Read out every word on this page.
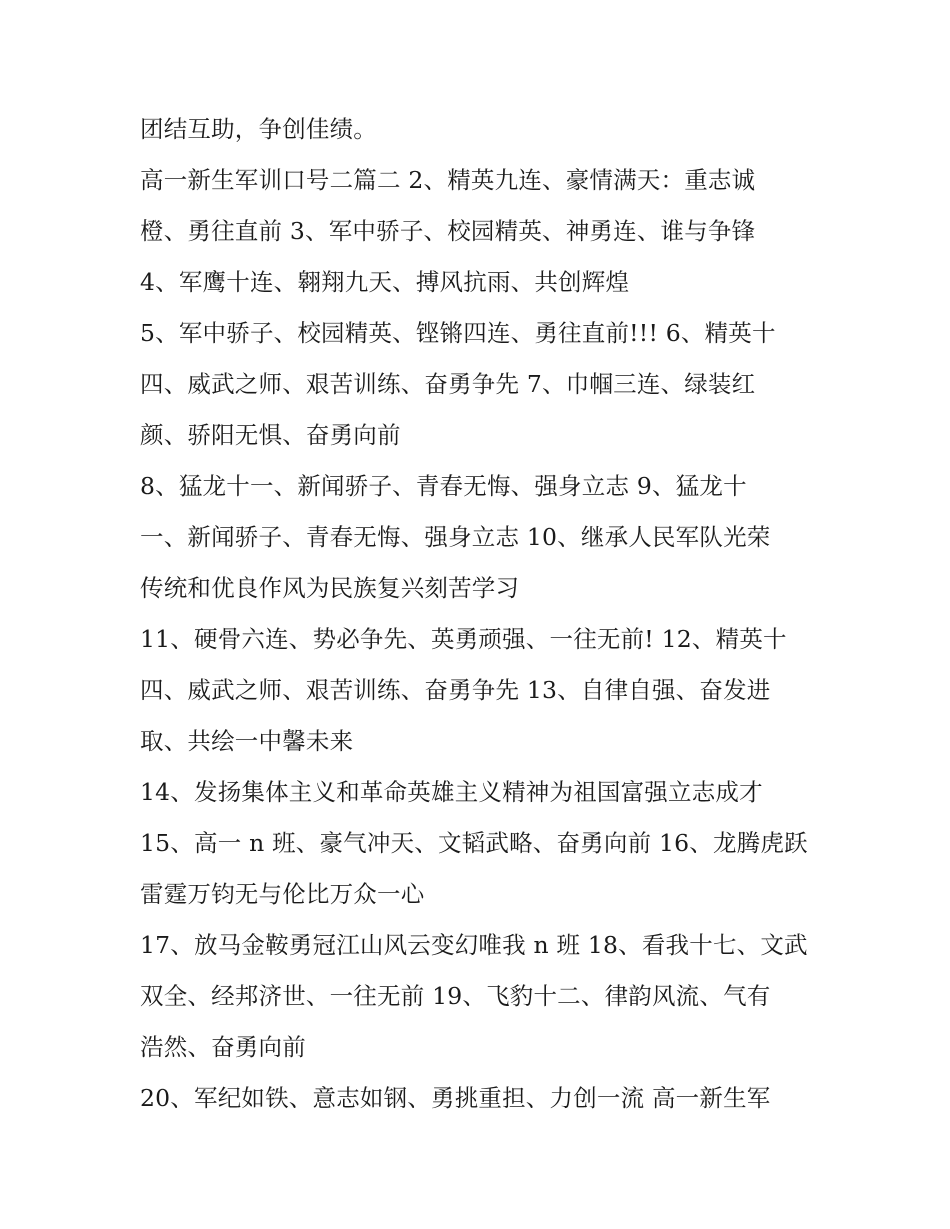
团结互助，争创佳绩。
高一新生军训口号二篇二 2、精英九连、豪情满天：重志诚
橙、勇往直前 3、军中骄子、校园精英、神勇连、谁与争锋
4、军鹰十连、翱翔九天、搏风抗雨、共创辉煌
5、军中骄子、校园精英、铿锵四连、勇往直前!!! 6、精英十
四、威武之师、艰苦训练、奋勇争先 7、巾帼三连、绿装红
颜、骄阳无惧、奋勇向前
8、猛龙十一、新闻骄子、青春无悔、强身立志 9、猛龙十
一、新闻骄子、青春无悔、强身立志 10、继承人民军队光荣
传统和优良作风为民族复兴刻苦学习
11、硬骨六连、势必争先、英勇顽强、一往无前! 12、精英十
四、威武之师、艰苦训练、奋勇争先 13、自律自强、奋发进
取、共绘一中馨未来
14、发扬集体主义和革命英雄主义精神为祖国富强立志成才
15、高一 n 班、豪气冲天、文韬武略、奋勇向前 16、龙腾虎跃
雷霆万钧无与伦比万众一心
17、放马金鞍勇冠江山风云变幻唯我 n 班 18、看我十七、文武
双全、经邦济世、一往无前 19、飞豹十二、律韵风流、气有
浩然、奋勇向前
20、军纪如铁、意志如钢、勇挑重担、力创一流 高一新生军
